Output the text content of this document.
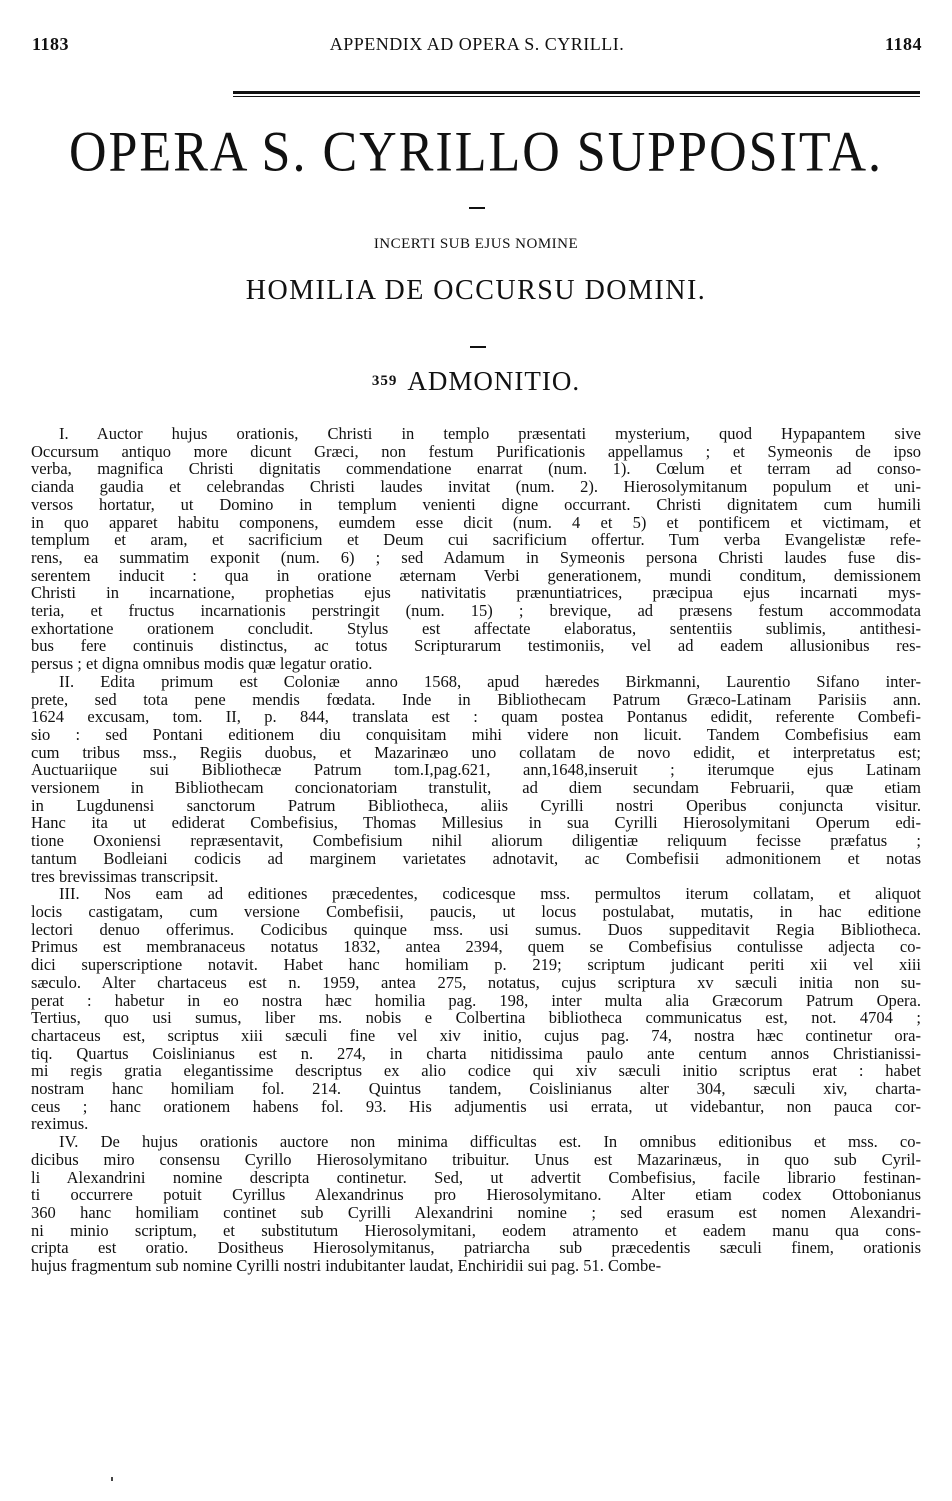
1183	APPENDIX AD OPERA S. CYRILLI.	1184
OPERA S. CYRILLO SUPPOSITA.
INCERTI SUB EJUS NOMINE
HOMILIA DE OCCURSU DOMINI.
359 ADMONITIO.

I. Auctor hujus orationis, Christi in templo præsentati mysterium, quod Hypapantem sive
Occursum antiquo more dicunt Græci, non festum Purificationis appellamus ; et Symeonis de ipso
verba, magnifica Christi dignitatis commendatione enarrat (num. 1). Cœlum et terram ad conso-
cianda gaudia et celebrandas Christi laudes invitat (num. 2). Hierosolymitanum populum et uni-
versos hortatur, ut Domino in templum venienti digne occurrant. Christi dignitatem cum humili
in quo apparet habitu componens, eumdem esse dicit (num. 4 et 5) et pontificem et victimam, et
templum et aram, et sacrificium et Deum cui sacrificium offertur. Tum verba Evangelistæ refe-
rens, ea summatim exponit (num. 6) ; sed Adamum in Symeonis persona Christi laudes fuse dis-
serentem inducit : qua in oratione æternam Verbi generationem, mundi conditum, demissionem
Christi in incarnatione, prophetias ejus nativitatis prænuntiatrices, præcipua ejus incarnati mys-
teria, et fructus incarnationis perstringit (num. 15) ; brevique, ad præsens festum accommodata
exhortatione orationem concludit. Stylus est affectate elaboratus, sententiis sublimis, antithesi-
bus fere continuis distinctus, ac totus Scripturarum testimoniis, vel ad eadem allusionibus res-
persus ; et digna omnibus modis quæ legatur oratio.

II. Edita primum est Coloniæ anno 1568, apud hæredes Birkmanni, Laurentio Sifano inter-
prete, sed tota pene mendis fœdata. Inde in Bibliothecam Patrum Græco-Latinam Parisiis ann.
1624 excusam, tom. II, p. 844, translata est : quam postea Pontanus edidit, referente Combefi-
sio : sed Pontani editionem diu conquisitam mihi videre non licuit. Tandem Combefisius eam
cum tribus mss., Regiis duobus, et Mazarinæo uno collatam de novo edidit, et interpretatus est;
Auctuariique sui Bibliothecæ Patrum tom.I,pag.621, ann,1648,inseruit ; iterumque ejus Latinam
versionem in Bibliothecam concionatoriam transtulit, ad diem secundam Februarii, quæ etiam
in Lugdunensi sanctorum Patrum Bibliotheca, aliis Cyrilli nostri Operibus conjuncta visitur.
Hanc ita ut ediderat Combefisius, Thomas Millesius in sua Cyrilli Hierosolymitani Operum edi-
tione Oxoniensi repræsentavit, Combefisium nihil aliorum diligentiæ reliquum fecisse præfatus ;
tantum Bodleiani codicis ad marginem varietates adnotavit, ac Combefisii admonitionem et notas
tres brevissimas transcripsit.

III. Nos eam ad editiones præcedentes, codicesque mss. permultos iterum collatam, et aliquot
locis castigatam, cum versione Combefisii, paucis, ut locus postulabat, mutatis, in hac editione
lectori denuo offerimus. Codicibus quinque mss. usi sumus. Duos suppeditavit Regia Bibliotheca.
Primus est membranaceus notatus 1832, antea 2394, quem se Combefisius contulisse adjecta co-
dici superscriptione notavit. Habet hanc homiliam p. 219; scriptum judicant periti xii vel xiii
sæculo. Alter chartaceus est n. 1959, antea 275, notatus, cujus scriptura xv sæculi initia non su-
perat : habetur in eo nostra hæc homilia pag. 198, inter multa alia Græcorum Patrum Opera.
Tertius, quo usi sumus, liber ms. nobis e Colbertina bibliotheca communicatus est, not. 4704 ;
chartaceus est, scriptus xiii sæculi fine vel xiv initio, cujus pag. 74, nostra hæc continetur ora-
tiq. Quartus Coislinianus est n. 274, in charta nitidissima paulo ante centum annos Christianissi-
mi regis gratia elegantissime descriptus ex alio codice qui xiv sæculi initio scriptus erat : habet
nostram hanc homiliam fol. 214. Quintus tandem, Coislinianus alter 304, sæculi xiv, charta-
ceus ; hanc orationem habens fol. 93. His adjumentis usi errata, ut videbantur, non pauca cor-
reximus.

IV. De hujus orationis auctore non minima difficultas est. In omnibus editionibus et mss. co-
dicibus miro consensu Cyrillo Hierosolymitano tribuitur. Unus est Mazarinæus, in quo sub Cyril-
li Alexandrini nomine descripta continetur. Sed, ut advertit Combefisius, facile librario festinan-
ti occurrere potuit Cyrillus Alexandrinus pro Hierosolymitano. Alter etiam codex Ottobonianus
360 hanc homiliam continet sub Cyrilli Alexandrini nomine ; sed erasum est nomen Alexandri-
ni minio scriptum, et substitutum Hierosolymitani, eodem atramento et eadem manu qua cons-
cripta est oratio. Dositheus Hierosolymitanus, patriarcha sub præcedentis sæculi finem, orationis
hujus fragmentum sub nomine Cyrilli nostri indubitanter laudat, Enchiridii sui pag. 51. Combe-
